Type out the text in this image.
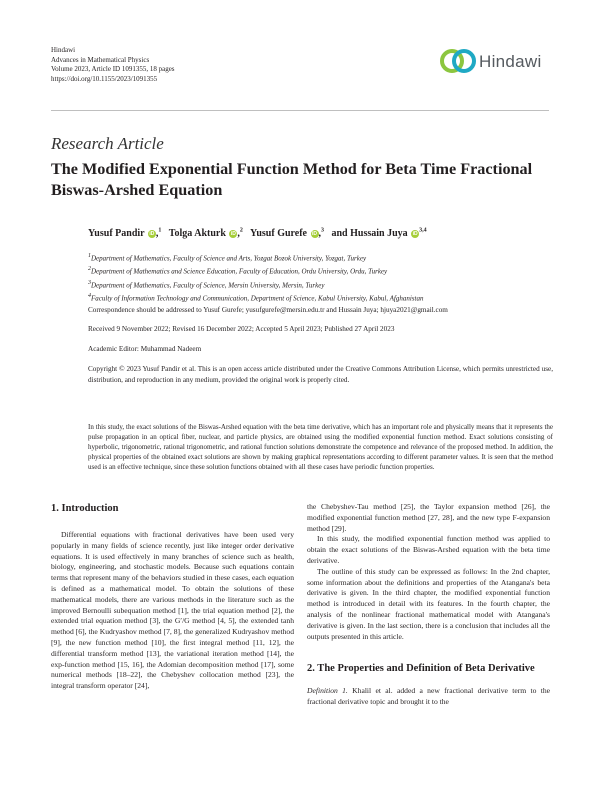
Hindawi
Advances in Mathematical Physics
Volume 2023, Article ID 1091355, 18 pages
https://doi.org/10.1155/2023/1091355
Hindawi
Research Article
The Modified Exponential Function Method for Beta Time Fractional Biswas-Arshed Equation
Yusuf Pandir iD ,$^1$ Tolga Akturk iD ,$^2$ Yusuf Gurefe iD ,$^3$ and Hussain Juya iD$^{3,4}$
$^1$Department of Mathematics, Faculty of Science and Arts, Yozgat Bozok University, Yozgat, Turkey
$^2$Department of Mathematics and Science Education, Faculty of Education, Ordu University, Ordu, Turkey
$^3$Department of Mathematics, Faculty of Science, Mersin University, Mersin, Turkey
$^4$Faculty of Information Technology and Communication, Department of Science, Kabul University, Kabul, Afghanistan
Correspondence should be addressed to Yusuf Gurefe; yusufgurefe@mersin.edu.tr and Hussain Juya; hjuya2021@gmail.com
Received 9 November 2022; Revised 16 December 2022; Accepted 5 April 2023; Published 27 April 2023
Academic Editor: Muhammad Nadeem
Copyright © 2023 Yusuf Pandir et al. This is an open access article distributed under the Creative Commons Attribution License, which permits unrestricted use, distribution, and reproduction in any medium, provided the original work is properly cited.
In this study, the exact solutions of the Biswas-Arshed equation with the beta time derivative, which has an important role and physically means that it represents the pulse propagation in an optical fiber, nuclear, and particle physics, are obtained using the modified exponential function method. Exact solutions consisting of hyperbolic, trigonometric, rational trigonometric, and rational function solutions demonstrate the competence and relevance of the proposed method. In addition, the physical properties of the obtained exact solutions are shown by making graphical representations according to different parameter values. It is seen that the method used is an effective technique, since these solution functions obtained with all these cases have periodic function properties.
1. Introduction

Differential equations with fractional derivatives have been used very popularly in many fields of science recently, just like integer order derivative equations. It is used effectively in many branches of science such as health, biology, engineering, and stochastic models. Because such equations contain terms that represent many of the behaviors studied in these cases, each equation is defined as a mathematical model. To obtain the solutions of these mathematical models, there are various methods in the literature such as the improved Bernoulli subequation method [1], the trial equation method [2], the extended trial equation method [3], the G′/G method [4, 5], the extended tanh method [6], the Kudryashov method [7, 8], the generalized Kudryashov method [9], the new function method [10], the first integral method [11, 12], the differential transform method [13], the variational iteration method [14], the exp-function method [15, 16], the Adomian decomposition method [17], some numerical methods [18–22], the Chebyshev collocation method [23], the integral transform operator [24],

the Chebyshev-Tau method [25], the Taylor expansion method [26], the modified exponential function method [27, 28], and the new type F-expansion method [29].

In this study, the modified exponential function method was applied to obtain the exact solutions of the Biswas-Arshed equation with the beta time derivative.

The outline of this study can be expressed as follows: In the 2nd chapter, some information about the definitions and properties of the Atangana's beta derivative is given. In the third chapter, the modified exponential function method is introduced in detail with its features. In the fourth chapter, the analysis of the nonlinear fractional mathematical model with Atangana's derivative is given. In the last section, there is a conclusion that includes all the outputs presented in this article.

2. The Properties and Definition of Beta Derivative

Definition 1. Khalil et al. added a new fractional derivative term to the fractional derivative topic and brought it to the
